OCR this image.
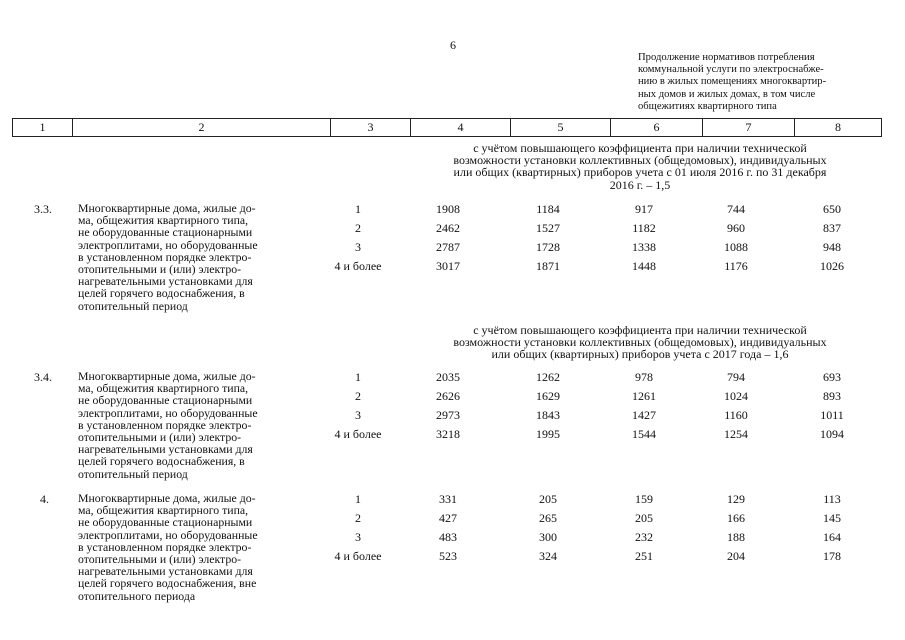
6
Продолжение нормативов потребления
коммунальной услуги по электроснабже-
нию в жилых помещениях многоквартир-
ных домов и жилых домах, в том числе
общежитиях квартирного типа
1	2	3	4	5	6	7	8
с учётом повышающего коэффициента при наличии технической
возможности установки коллективных (общедомовых), индивидуальных
или общих (квартирных) приборов учета с 01 июля 2016 г. по 31 декабря
2016 г. – 1,5
3.3. Многоквартирные дома, жилые до-
ма, общежития квартирного типа,
не оборудованные стационарными
электроплитами, но оборудованные
в установленном порядке электро-
отопительными и (или) электро-
нагревательными установками для
целей горячего водоснабжения, в
отопительный период
1	1908	1184	917	744	650
2	2462	1527	1182	960	837
3	2787	1728	1338	1088	948
4 и более	3017	1871	1448	1176	1026
с учётом повышающего коэффициента при наличии технической
возможности установки коллективных (общедомовых), индивидуальных
или общих (квартирных) приборов учета с 2017 года – 1,6
3.4. Многоквартирные дома, жилые до-
ма, общежития квартирного типа,
не оборудованные стационарными
электроплитами, но оборудованные
в установленном порядке электро-
отопительными и (или) электро-
нагревательными установками для
целей горячего водоснабжения, в
отопительный период
1	2035	1262	978	794	693
2	2626	1629	1261	1024	893
3	2973	1843	1427	1160	1011
4 и более	3218	1995	1544	1254	1094
4. Многоквартирные дома, жилые до-
ма, общежития квартирного типа,
не оборудованные стационарными
электроплитами, но оборудованные
в установленном порядке электро-
отопительными и (или) электро-
нагревательными установками для
целей горячего водоснабжения, вне
отопительного периода
1	331	205	159	129	113
2	427	265	205	166	145
3	483	300	232	188	164
4 и более	523	324	251	204	178
